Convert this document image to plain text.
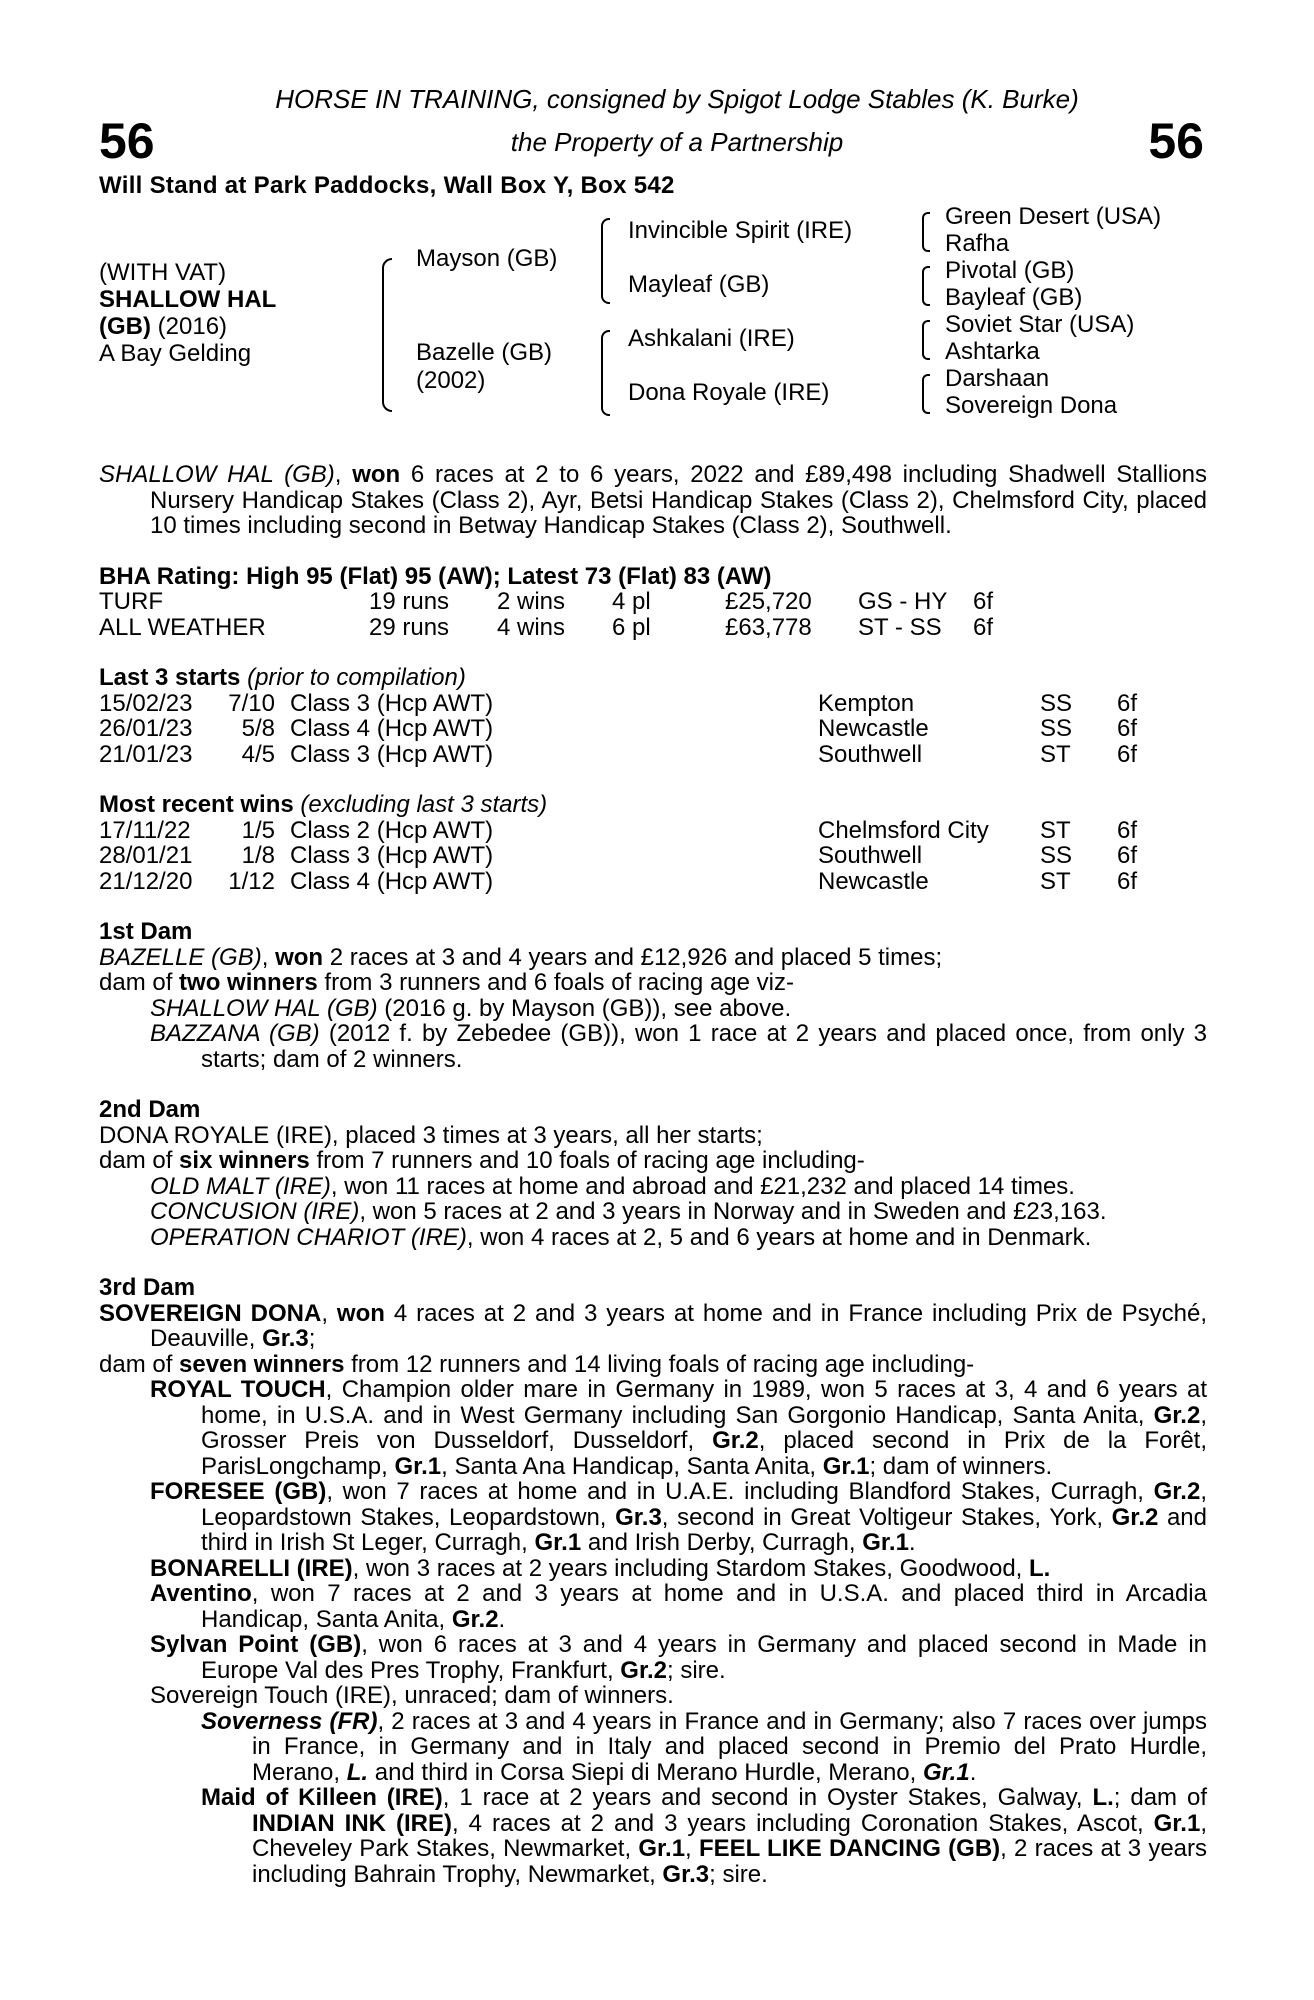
56	56
HORSE IN TRAINING, consigned by Spigot Lodge Stables (K. Burke)
the Property of a Partnership
Will Stand at Park Paddocks, Wall Box Y, Box 542
(WITH VAT)
SHALLOW HAL
(GB) (2016)
A Bay Gelding
Mayson (GB)
Bazelle (GB)
(2002)
Invincible Spirit (IRE)
Mayleaf (GB)
Ashkalani (IRE)
Dona Royale (IRE)
Green Desert (USA)
Rafha
Pivotal (GB)
Bayleaf (GB)
Soviet Star (USA)
Ashtarka
Darshaan
Sovereign Dona

SHALLOW HAL (GB), won 6 races at 2 to 6 years, 2022 and £89,498 including Shadwell Stallions Nursery Handicap Stakes (Class 2), Ayr, Betsi Handicap Stakes (Class 2), Chelmsford City, placed 10 times including second in Betway Handicap Stakes (Class 2), Southwell.

BHA Rating: High 95 (Flat) 95 (AW); Latest 73 (Flat) 83 (AW)
TURF	19 runs 2 wins 4 pl	£25,720 GS - HY 6f
ALL WEATHER	29 runs 4 wins 6 pl	£63,778 ST - SS 6f
Last 3 starts (prior to compilation)
15/02/23	7/10 Class 3 (Hcp AWT)	Kempton	SS 6f
26/01/23	5/8 Class 4 (Hcp AWT)	Newcastle	SS 6f
21/01/23	4/5 Class 3 (Hcp AWT)	Southwell	ST 6f
Most recent wins (excluding last 3 starts)
17/11/22	1/5 Class 2 (Hcp AWT)	Chelmsford City ST 6f
28/01/21	1/8 Class 3 (Hcp AWT)	Southwell	SS 6f
21/12/20	1/12 Class 4 (Hcp AWT)	Newcastle	ST 6f
1st Dam

BAZELLE (GB), won 2 races at 3 and 4 years and £12,926 and placed 5 times;

dam of two winners from 3 runners and 6 foals of racing age viz-

SHALLOW HAL (GB) (2016 g. by Mayson (GB)), see above.

BAZZANA (GB) (2012 f. by Zebedee (GB)), won 1 race at 2 years and placed once, from only 3 starts; dam of 2 winners.

2nd Dam

DONA ROYALE (IRE), placed 3 times at 3 years, all her starts;

dam of six winners from 7 runners and 10 foals of racing age including-

OLD MALT (IRE), won 11 races at home and abroad and £21,232 and placed 14 times.

CONCUSION (IRE), won 5 races at 2 and 3 years in Norway and in Sweden and £23,163.

OPERATION CHARIOT (IRE), won 4 races at 2, 5 and 6 years at home and in Denmark.

3rd Dam

SOVEREIGN DONA, won 4 races at 2 and 3 years at home and in France including Prix de Psyché, Deauville, Gr.3;

dam of seven winners from 12 runners and 14 living foals of racing age including-

ROYAL TOUCH, Champion older mare in Germany in 1989, won 5 races at 3, 4 and 6 years at home, in U.S.A. and in West Germany including San Gorgonio Handicap, Santa Anita, Gr.2, Grosser Preis von Dusseldorf, Dusseldorf, Gr.2, placed second in Prix de la Forêt, ParisLongchamp, Gr.1, Santa Ana Handicap, Santa Anita, Gr.1; dam of winners.

FORESEE (GB), won 7 races at home and in U.A.E. including Blandford Stakes, Curragh, Gr.2, Leopardstown Stakes, Leopardstown, Gr.3, second in Great Voltigeur Stakes, York, Gr.2 and third in Irish St Leger, Curragh, Gr.1 and Irish Derby, Curragh, Gr.1.

BONARELLI (IRE), won 3 races at 2 years including Stardom Stakes, Goodwood, L.

Aventino, won 7 races at 2 and 3 years at home and in U.S.A. and placed third in Arcadia Handicap, Santa Anita, Gr.2.

Sylvan Point (GB), won 6 races at 3 and 4 years in Germany and placed second in Made in Europe Val des Pres Trophy, Frankfurt, Gr.2; sire.

Sovereign Touch (IRE), unraced; dam of winners.

Soverness (FR), 2 races at 3 and 4 years in France and in Germany; also 7 races over jumps in France, in Germany and in Italy and placed second in Premio del Prato Hurdle, Merano, L. and third in Corsa Siepi di Merano Hurdle, Merano, Gr.1.

Maid of Killeen (IRE), 1 race at 2 years and second in Oyster Stakes, Galway, L.; dam of INDIAN INK (IRE), 4 races at 2 and 3 years including Coronation Stakes, Ascot, Gr.1, Cheveley Park Stakes, Newmarket, Gr.1, FEEL LIKE DANCING (GB), 2 races at 3 years including Bahrain Trophy, Newmarket, Gr.3; sire.
